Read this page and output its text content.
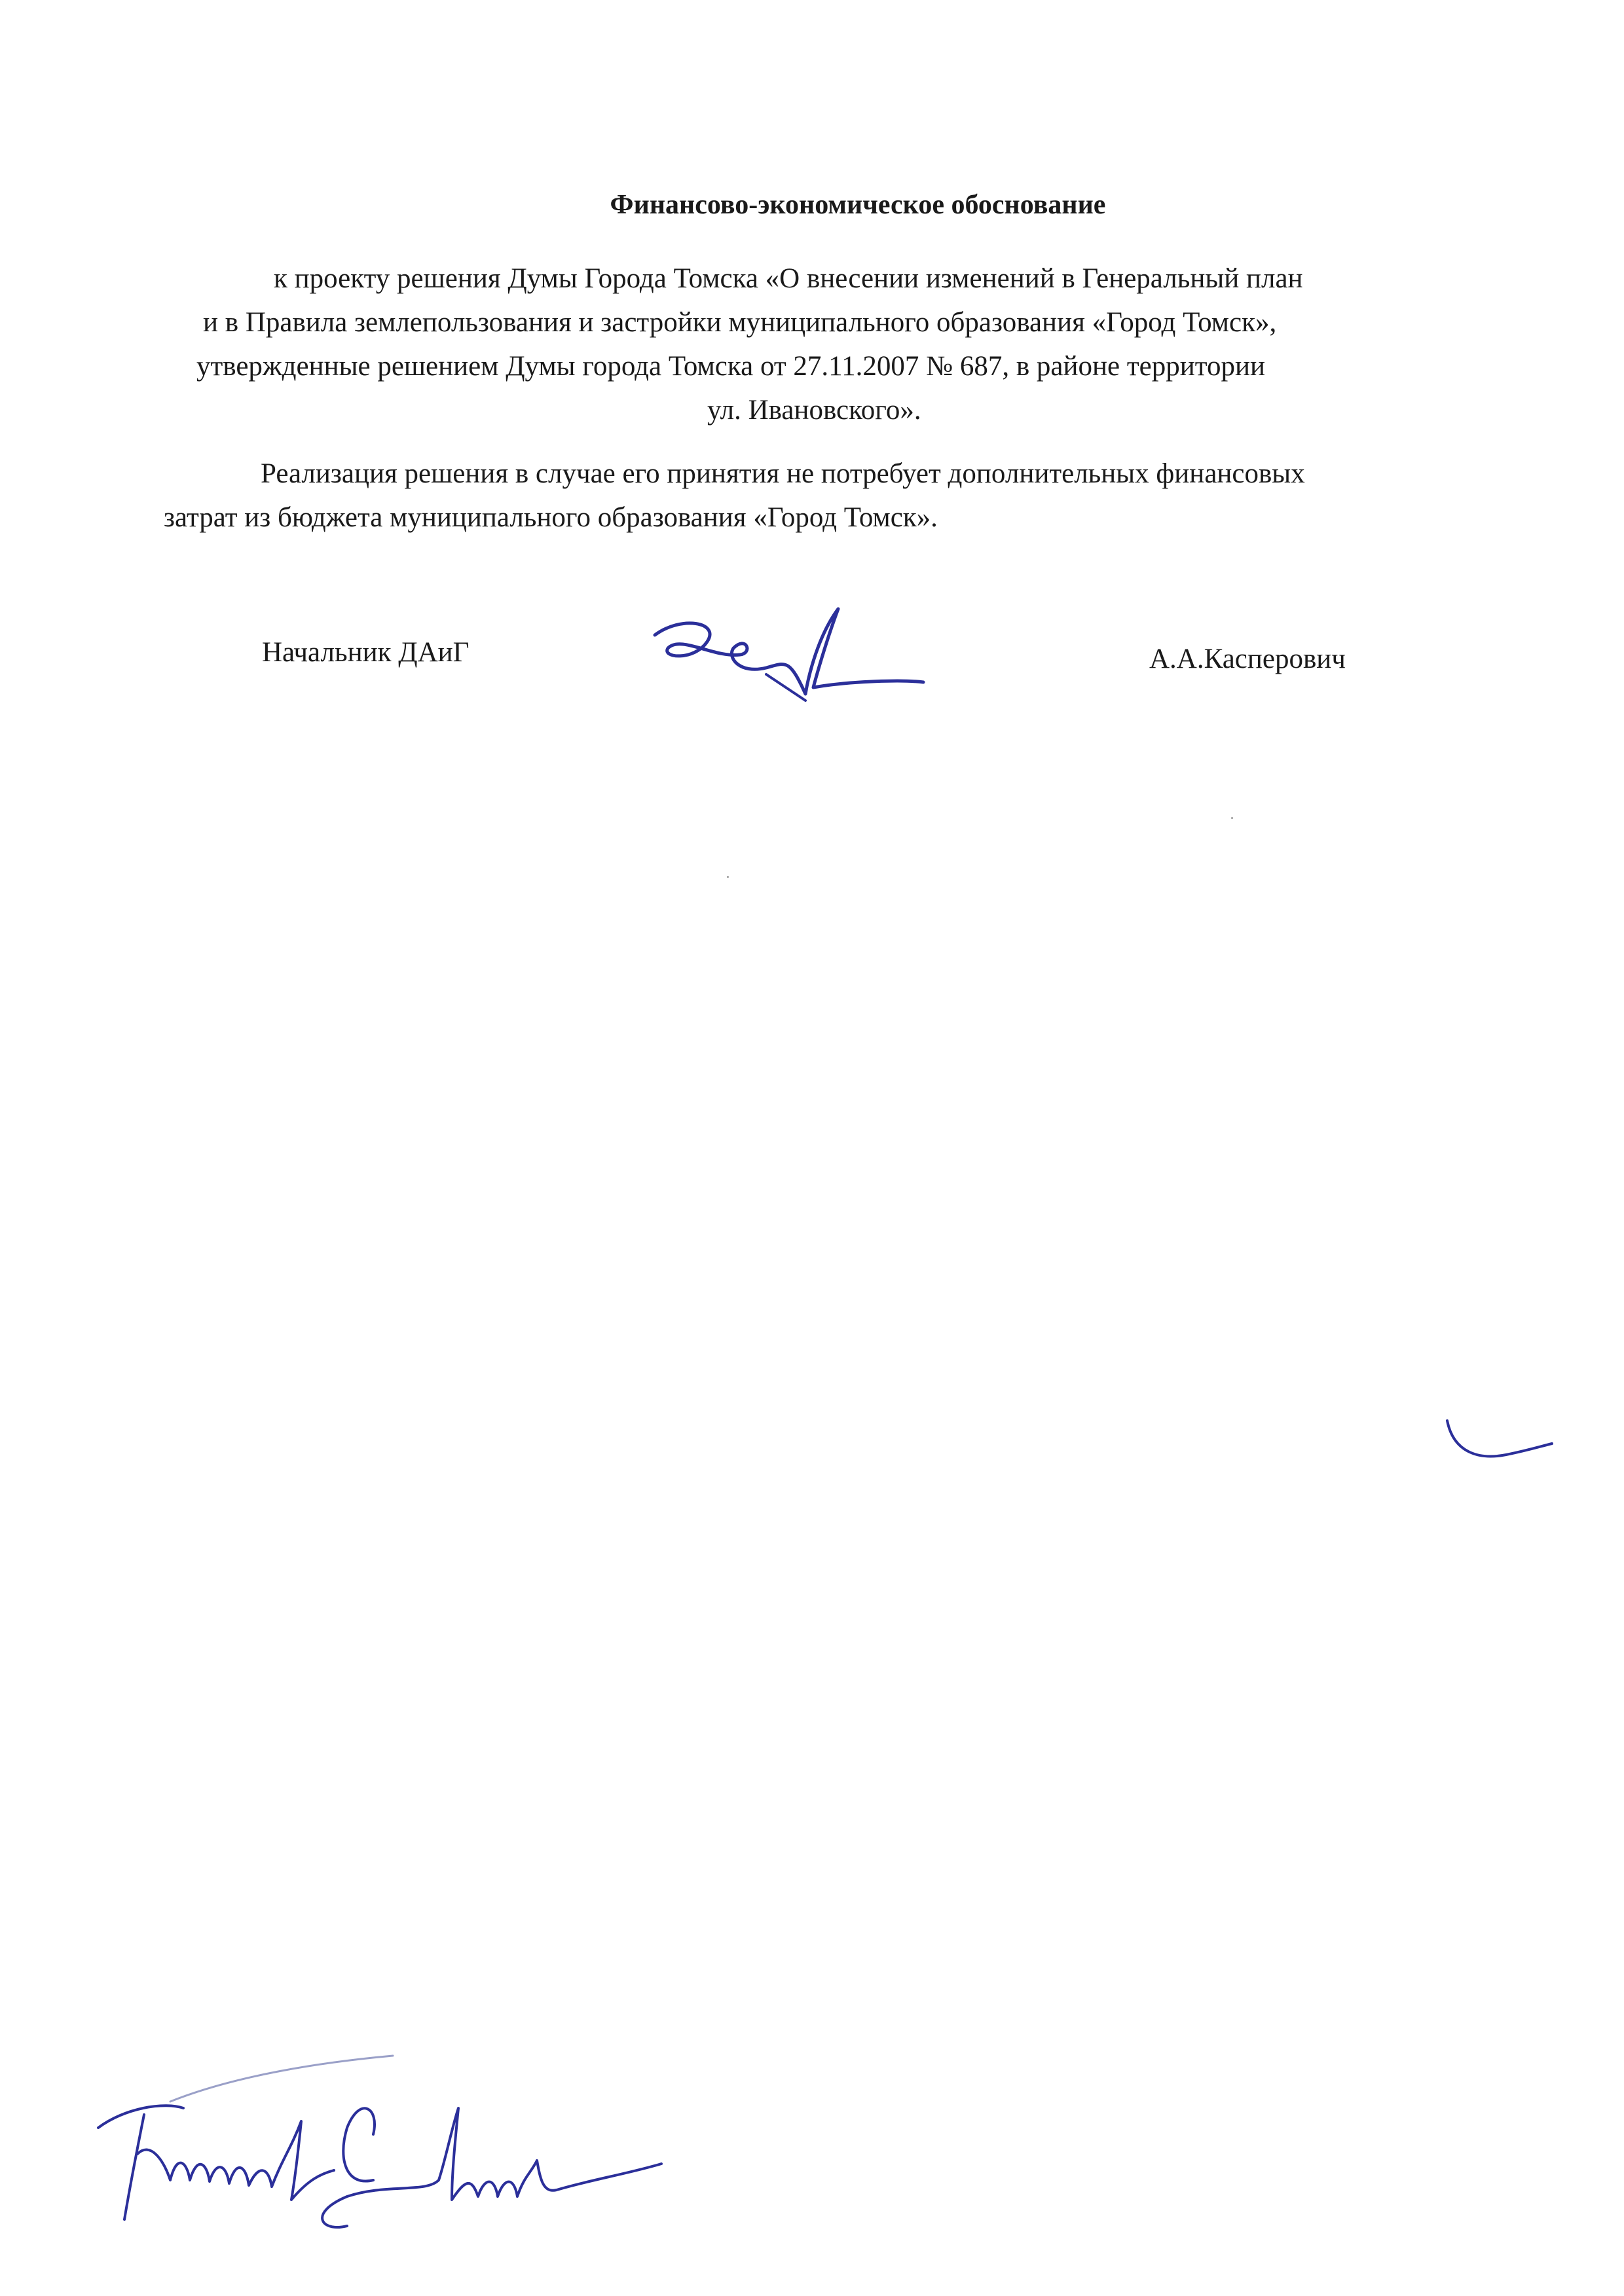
Финансово-экономическое обоснование
к проекту решения Думы Города Томска «О внесении изменений в Генеральный план
и в Правила землепользования и застройки муниципального образования «Город Томск»,
утвержденные решением Думы города Томска от 27.11.2007 № 687, в районе территории
ул. Ивановского».
Реализация решения в случае его принятия не потребует дополнительных финансовых
затрат из бюджета муниципального образования «Город Томск».
Начальник ДАиГ	А.А.Касперович
